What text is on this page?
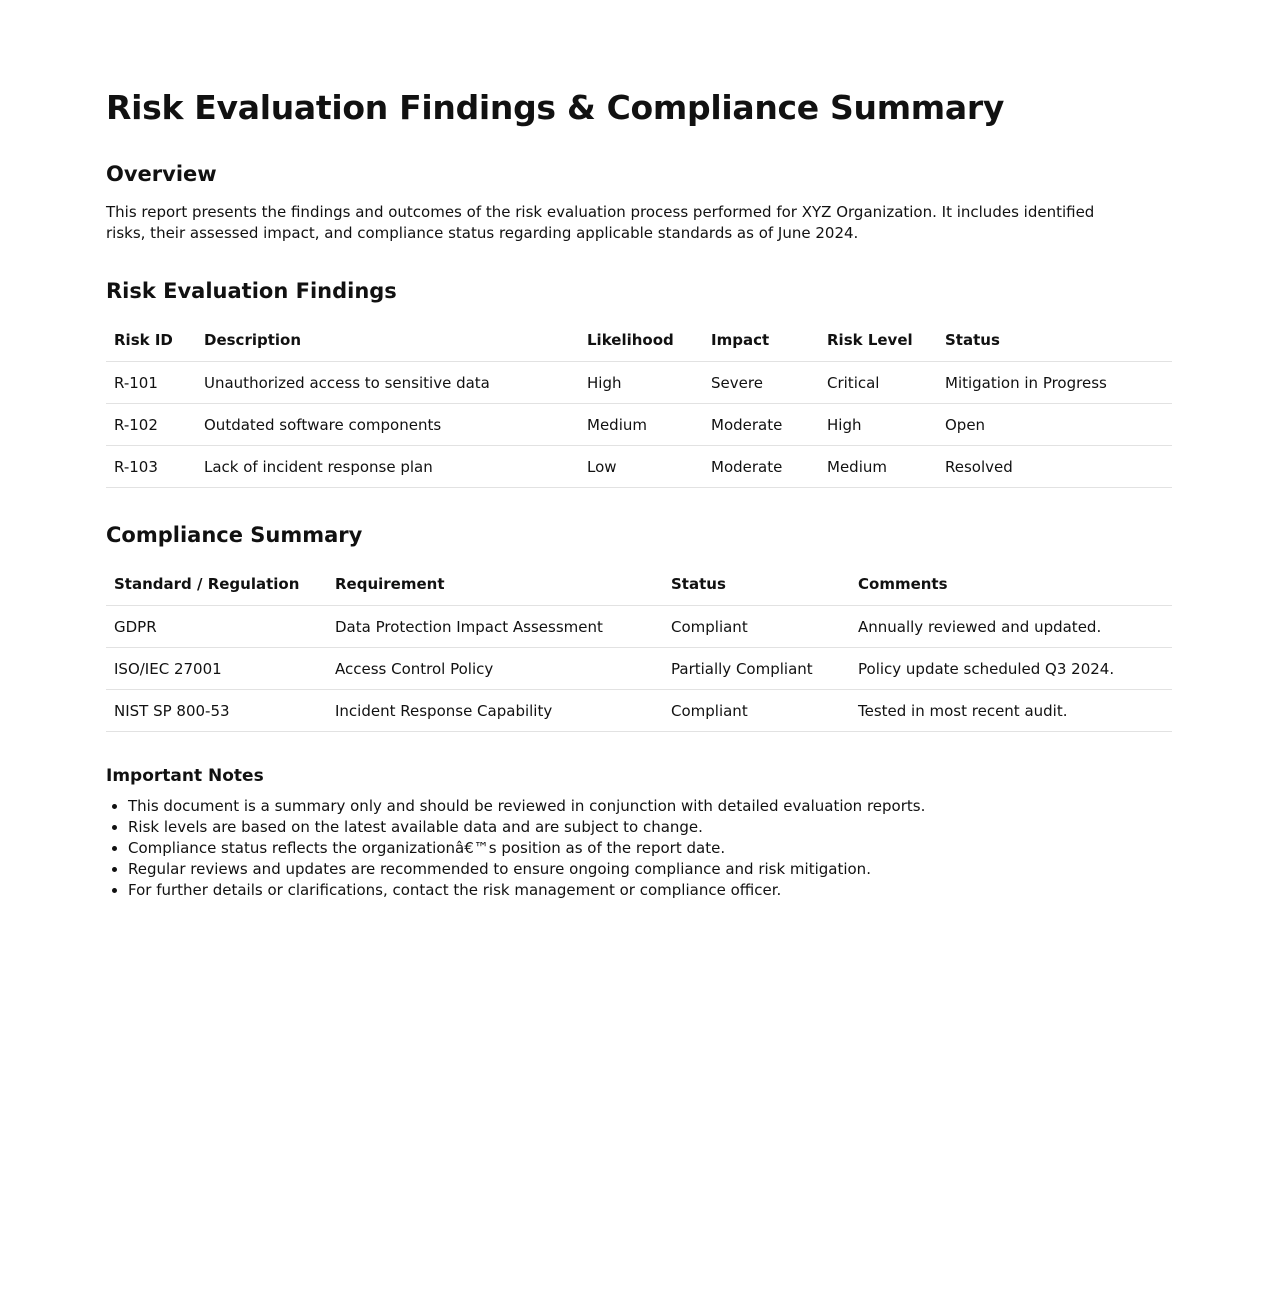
Risk Evaluation Findings & Compliance Summary
Overview

This report presents the findings and outcomes of the risk evaluation process performed for XYZ Organization. It includes identified risks, their assessed impact, and compliance status regarding applicable standards as of June 2024.

Risk Evaluation Findings
Risk ID	Description	Likelihood	Impact	Risk Level	Status
R-101	Unauthorized access to sensitive data	High	Severe	Critical	Mitigation in Progress
R-102	Outdated software components	Medium	Moderate	High	Open
R-103	Lack of incident response plan	Low	Moderate	Medium	Resolved
Compliance Summary
Standard / Regulation	Requirement	Status	Comments
GDPR	Data Protection Impact Assessment	Compliant	Annually reviewed and updated.
ISO/IEC 27001	Access Control Policy	Partially Compliant	Policy update scheduled Q3 2024.
NIST SP 800-53	Incident Response Capability	Compliant	Tested in most recent audit.
Important Notes
• This document is a summary only and should be reviewed in conjunction with detailed evaluation reports.
• Risk levels are based on the latest available data and are subject to change.
• Compliance status reflects the organizationâ€™s position as of the report date.
• Regular reviews and updates are recommended to ensure ongoing compliance and risk mitigation.
• For further details or clarifications, contact the risk management or compliance officer.
